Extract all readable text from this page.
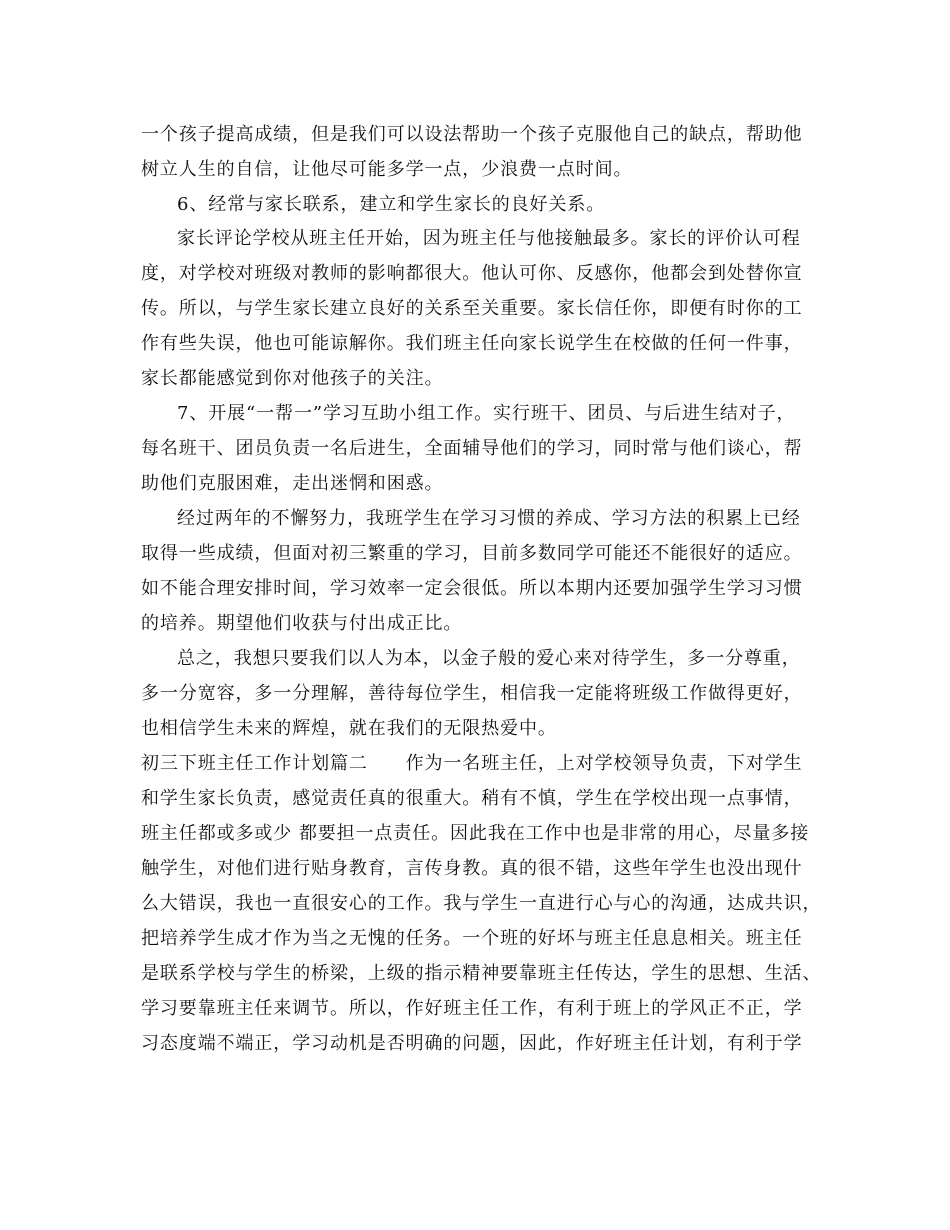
一个孩子提高成绩，但是我们可以设法帮助一个孩子克服他自己的缺点，帮助他
树立人生的自信，让他尽可能多学一点，少浪费一点时间。
6、经常与家长联系，建立和学生家长的良好关系。
家长评论学校从班主任开始，因为班主任与他接触最多。家长的评价认可程
度，对学校对班级对教师的影响都很大。他认可你、反感你，他都会到处替你宣
传。所以，与学生家长建立良好的关系至关重要。家长信任你，即便有时你的工
作有些失误，他也可能谅解你。我们班主任向家长说学生在校做的任何一件事，
家长都能感觉到你对他孩子的关注。
7、开展“一帮一”学习互助小组工作。实行班干、团员、与后进生结对子，
每名班干、团员负责一名后进生，全面辅导他们的学习，同时常与他们谈心，帮
助他们克服困难，走出迷惘和困惑。
经过两年的不懈努力，我班学生在学习习惯的养成、学习方法的积累上已经
取得一些成绩，但面对初三繁重的学习，目前多数同学可能还不能很好的适应。
如不能合理安排时间，学习效率一定会很低。所以本期内还要加强学生学习习惯
的培养。期望他们收获与付出成正比。
总之，我想只要我们以人为本，以金子般的爱心来对待学生，多一分尊重，
多一分宽容，多一分理解，善待每位学生，相信我一定能将班级工作做得更好，
也相信学生未来的辉煌，就在我们的无限热爱中。
初三下班主任工作计划篇二　　作为一名班主任，上对学校领导负责，下对学生
和学生家长负责，感觉责任真的很重大。稍有不慎，学生在学校出现一点事情，
班主任都或多或少 都要担一点责任。因此我在工作中也是非常的用心，尽量多接
触学生，对他们进行贴身教育，言传身教。真的很不错，这些年学生也没出现什
么大错误，我也一直很安心的工作。我与学生一直进行心与心的沟通，达成共识，
把培养学生成才作为当之无愧的任务。一个班的好坏与班主任息息相关。班主任
是联系学校与学生的桥梁，上级的指示精神要靠班主任传达，学生的思想、生活、
学习要靠班主任来调节。所以，作好班主任工作，有利于班上的学风正不正，学
习态度端不端正，学习动机是否明确的问题，因此，作好班主任计划，有利于学
